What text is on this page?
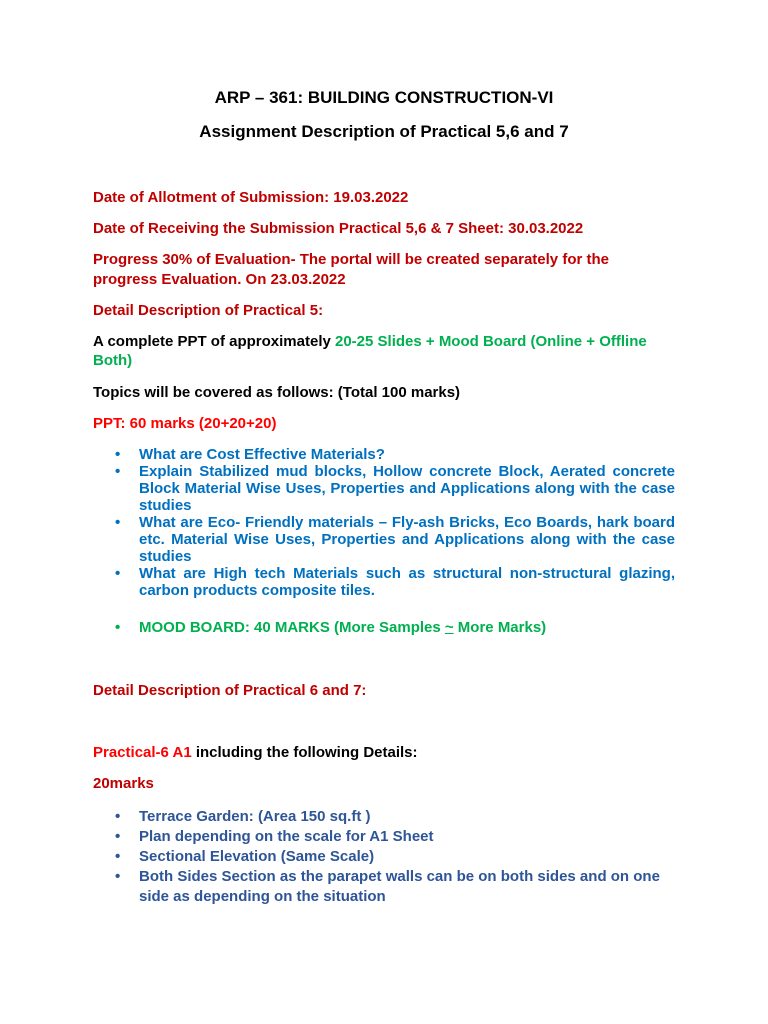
ARP – 361: BUILDING CONSTRUCTION-VI
Assignment Description of Practical 5,6 and 7
Date of Allotment of Submission: 19.03.2022
Date of Receiving the Submission Practical 5,6 & 7 Sheet: 30.03.2022
Progress 30% of Evaluation- The portal will be created separately for the
progress Evaluation. On 23.03.2022
Detail Description of Practical 5:
A complete PPT of approximately 20-25 Slides + Mood Board (Online + Offline
Both)
Topics will be covered as follows: (Total 100 marks)
PPT: 60 marks (20+20+20)
• What are Cost Effective Materials?
• Explain Stabilized mud blocks, Hollow concrete Block, Aerated concrete Block Material Wise Uses, Properties and Applications along with the case studies
• What are Eco- Friendly materials – Fly-ash Bricks, Eco Boards, hark board etc. Material Wise Uses, Properties and Applications along with the case studies
• What are High tech Materials such as structural non-structural glazing, carbon products composite tiles.
• MOOD BOARD: 40 MARKS (More Samples ~ More Marks)
Detail Description of Practical 6 and 7:
Practical-6 A1 including the following Details:
20marks
• Terrace Garden: (Area 150 sq.ft )
• Plan depending on the scale for A1 Sheet
• Sectional Elevation (Same Scale)
• Both Sides Section as the parapet walls can be on both sides and on one side as depending on the situation
